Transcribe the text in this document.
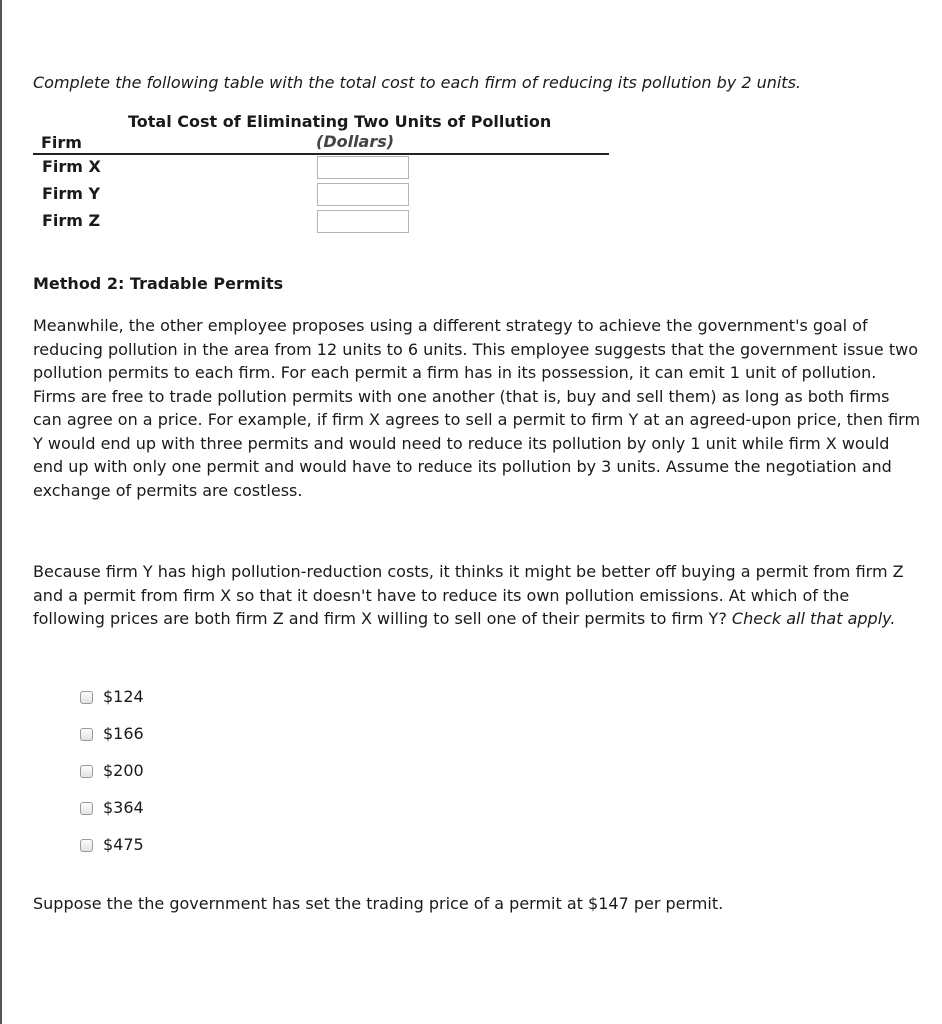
Complete the following table with the total cost to each firm of reducing its pollution by 2 units.
Total Cost of Eliminating Two Units of Pollution
Firm	(Dollars)
Firm X
Firm Y
Firm Z
Method 2: Tradable Permits

Meanwhile, the other employee proposes using a different strategy to achieve the government's goal of reducing pollution in the area from 12 units to 6 units. This employee suggests that the government issue two pollution permits to each firm. For each permit a firm has in its possession, it can emit 1 unit of pollution. Firms are free to trade pollution permits with one another (that is, buy and sell them) as long as both firms can agree on a price. For example, if firm X agrees to sell a permit to firm Y at an agreed-upon price, then firm Y would end up with three permits and would need to reduce its pollution by only 1 unit while firm X would end up with only one permit and would have to reduce its pollution by 3 units. Assume the negotiation and exchange of permits are costless.

Because firm Y has high pollution-reduction costs, it thinks it might be better off buying a permit from firm Z and a permit from firm X so that it doesn't have to reduce its own pollution emissions. At which of the following prices are both firm Z and firm X willing to sell one of their permits to firm Y? Check all that apply.

$124
$166
$200
$364
$475
Suppose the the government has set the trading price of a permit at $147 per permit.
